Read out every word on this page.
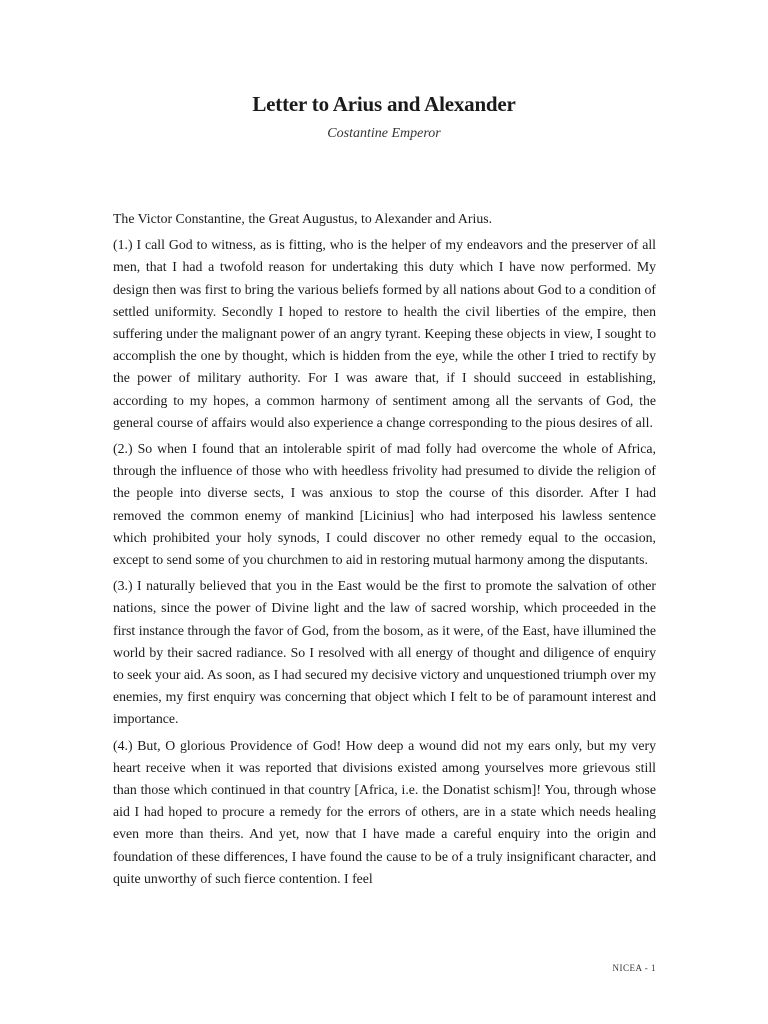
Letter to Arius and Alexander
Costantine Emperor

The Victor Constantine, the Great Augustus, to Alexander and Arius.

(1.) I call God to witness, as is fitting, who is the helper of my endeavors and the preserver of all men, that I had a twofold reason for undertaking this duty which I have now performed. My design then was first to bring the various beliefs formed by all nations about God to a condition of settled uniformity. Secondly I hoped to restore to health the civil liberties of the empire, then suffering under the malignant power of an angry tyrant. Keeping these objects in view, I sought to accomplish the one by thought, which is hidden from the eye, while the other I tried to rectify by the power of military authority. For I was aware that, if I should succeed in establishing, according to my hopes, a common harmony of sentiment among all the servants of God, the general course of affairs would also experience a change corresponding to the pious desires of all.

(2.) So when I found that an intolerable spirit of mad folly had overcome the whole of Africa, through the influence of those who with heedless frivolity had presumed to divide the religion of the people into diverse sects, I was anxious to stop the course of this disorder. After I had removed the common enemy of mankind [Licinius] who had interposed his lawless sentence which prohibited your holy synods, I could discover no other remedy equal to the occasion, except to send some of you churchmen to aid in restoring mutual harmony among the disputants.

(3.) I naturally believed that you in the East would be the first to promote the salvation of other nations, since the power of Divine light and the law of sacred worship, which proceeded in the first instance through the favor of God, from the bosom, as it were, of the East, have illumined the world by their sacred radiance. So I resolved with all energy of thought and diligence of enquiry to seek your aid. As soon, as I had secured my decisive victory and unquestioned triumph over my enemies, my first enquiry was concerning that object which I felt to be of paramount interest and importance.

(4.) But, O glorious Providence of God! How deep a wound did not my ears only, but my very heart receive when it was reported that divisions existed among yourselves more grievous still than those which continued in that country [Africa, i.e. the Donatist schism]! You, through whose aid I had hoped to procure a remedy for the errors of others, are in a state which needs healing even more than theirs. And yet, now that I have made a careful enquiry into the origin and foundation of these differences, I have found the cause to be of a truly insignificant character, and quite unworthy of such fierce contention. I feel

NICEA - 1
